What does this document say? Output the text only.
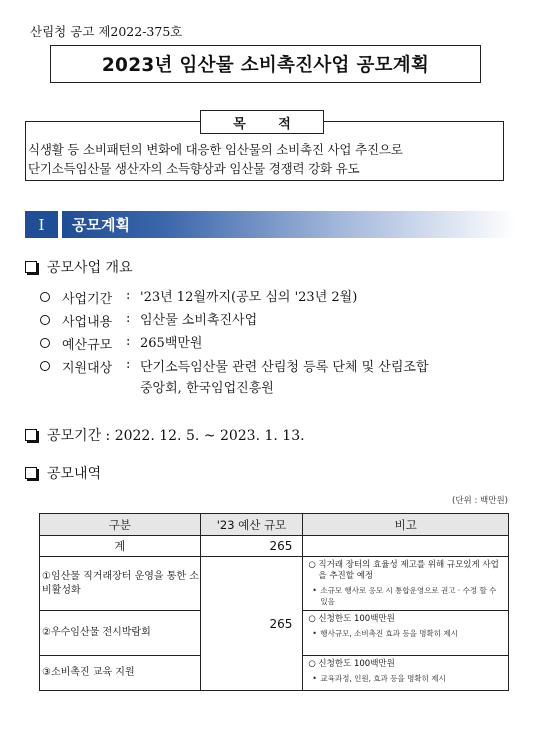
산림청 공고 제2022-375호
2023년 임산물 소비촉진사업 공모계획
목 적
식생활 등 소비패턴의 변화에 대응한 임산물의 소비촉진 사업 추진으로
단기소득임산물 생산자의 소득향상과 임산물 경쟁력 강화 유도
I	공모계획
공모사업 개요
사업기간	: '23년 12월까지(공모 심의 '23년 2월)
사업내용	: 임산물 소비촉진사업
예산규모	: 265백만원
지원대상	: 단기소득임산물 관련 산림청 등록 단체 및 산림조합
중앙회, 한국임업진흥원
공모기간 : 2022. 12. 5. ~ 2023. 1. 13.
공모내역
(단위 : 백만원)
구분	'23 예산 규모	비고
계	265	
①임산물 직거래장터 운영을 통한 소비활성화	265	○ 직거래 장터의 효율성 제고를 위해 규모있게 사업을 추진할 예정
• 소규모 행사로 응모 시 통합운영으로 권고 · 수정 할 수 있음

②우수임산물 전시박람회		○ 신청한도 100백만원
• 행사규모, 소비촉진 효과 등을 명확히 제시

③소비촉진 교육 지원		○ 신청한도 100백만원
• 교육과정, 인원, 효과 등을 명확히 제시
